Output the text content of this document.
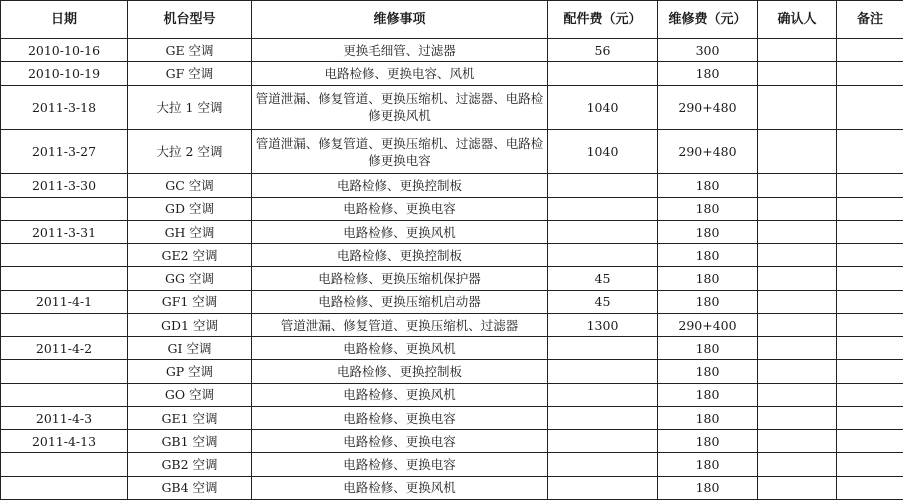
日期	机台型号	维修事项	配件费（元）	维修费（元）	确认人	备注
2010-10-16	GE 空调	更换毛细管、过滤器	56	300		
2010-10-19	GF 空调	电路检修、更换电容、风机		180		
2011-3-18	大拉 1 空调	管道泄漏、修复管道、更换压缩机、过滤器、电路检修更换风机	1040	290+480		
2011-3-27	大拉 2 空调	管道泄漏、修复管道、更换压缩机、过滤器、电路检修更换电容	1040	290+480		
2011-3-30	GC 空调	电路检修、更换控制板		180		
	GD 空调	电路检修、更换电容		180		
2011-3-31	GH 空调	电路检修、更换风机		180		
	GE2 空调	电路检修、更换控制板		180		
	GG 空调	电路检修、更换压缩机保护器	45	180		
2011-4-1	GF1 空调	电路检修、更换压缩机启动器	45	180		
	GD1 空调	管道泄漏、修复管道、更换压缩机、过滤器	1300	290+400		
2011-4-2	GI 空调	电路检修、更换风机		180		
	GP 空调	电路检修、更换控制板		180		
	GO 空调	电路检修、更换风机		180		
2011-4-3	GE1 空调	电路检修、更换电容		180		
2011-4-13	GB1 空调	电路检修、更换电容		180		
	GB2 空调	电路检修、更换电容		180		
	GB4 空调	电路检修、更换风机		180		
